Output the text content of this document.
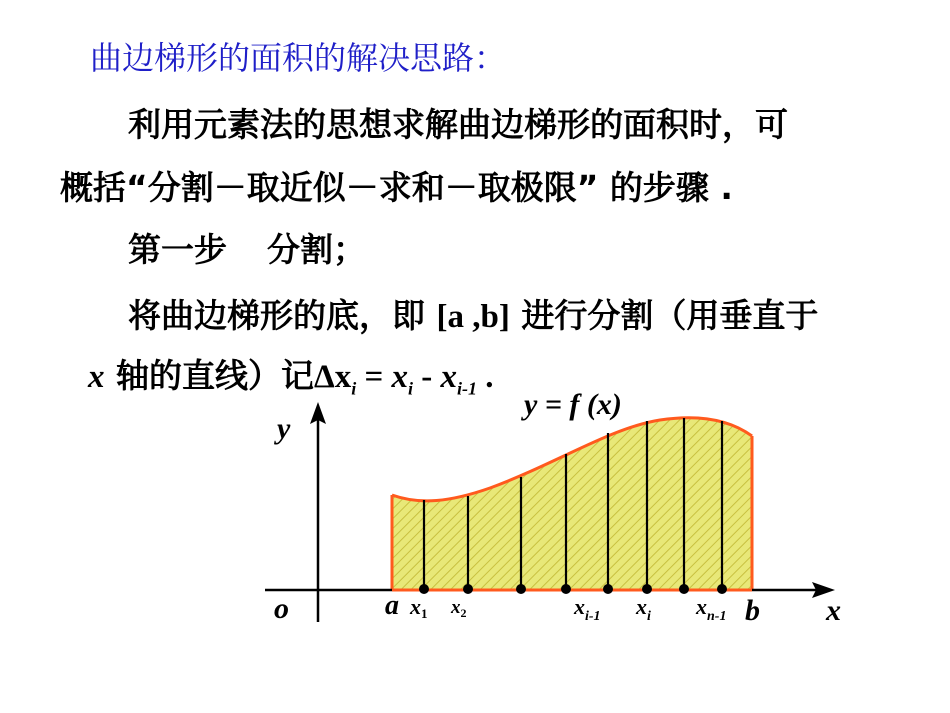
曲边梯形的面积的解决思路：
利用元素法的思想求解曲边梯形的面积时，可
概括“分割－取近似－求和－取极限” 的步骤 .
第一步 分割；
将曲边梯形的底，即 [a ,b] 进行分割（用垂直于
x 轴的直线）记$\Delta x_i = x_i - x_{i-1}$ .
y = f (x)
y
x
o	a	b
x1 $x_2$	$x_{i-1}$ $x_i$ $x_{n-1}$
